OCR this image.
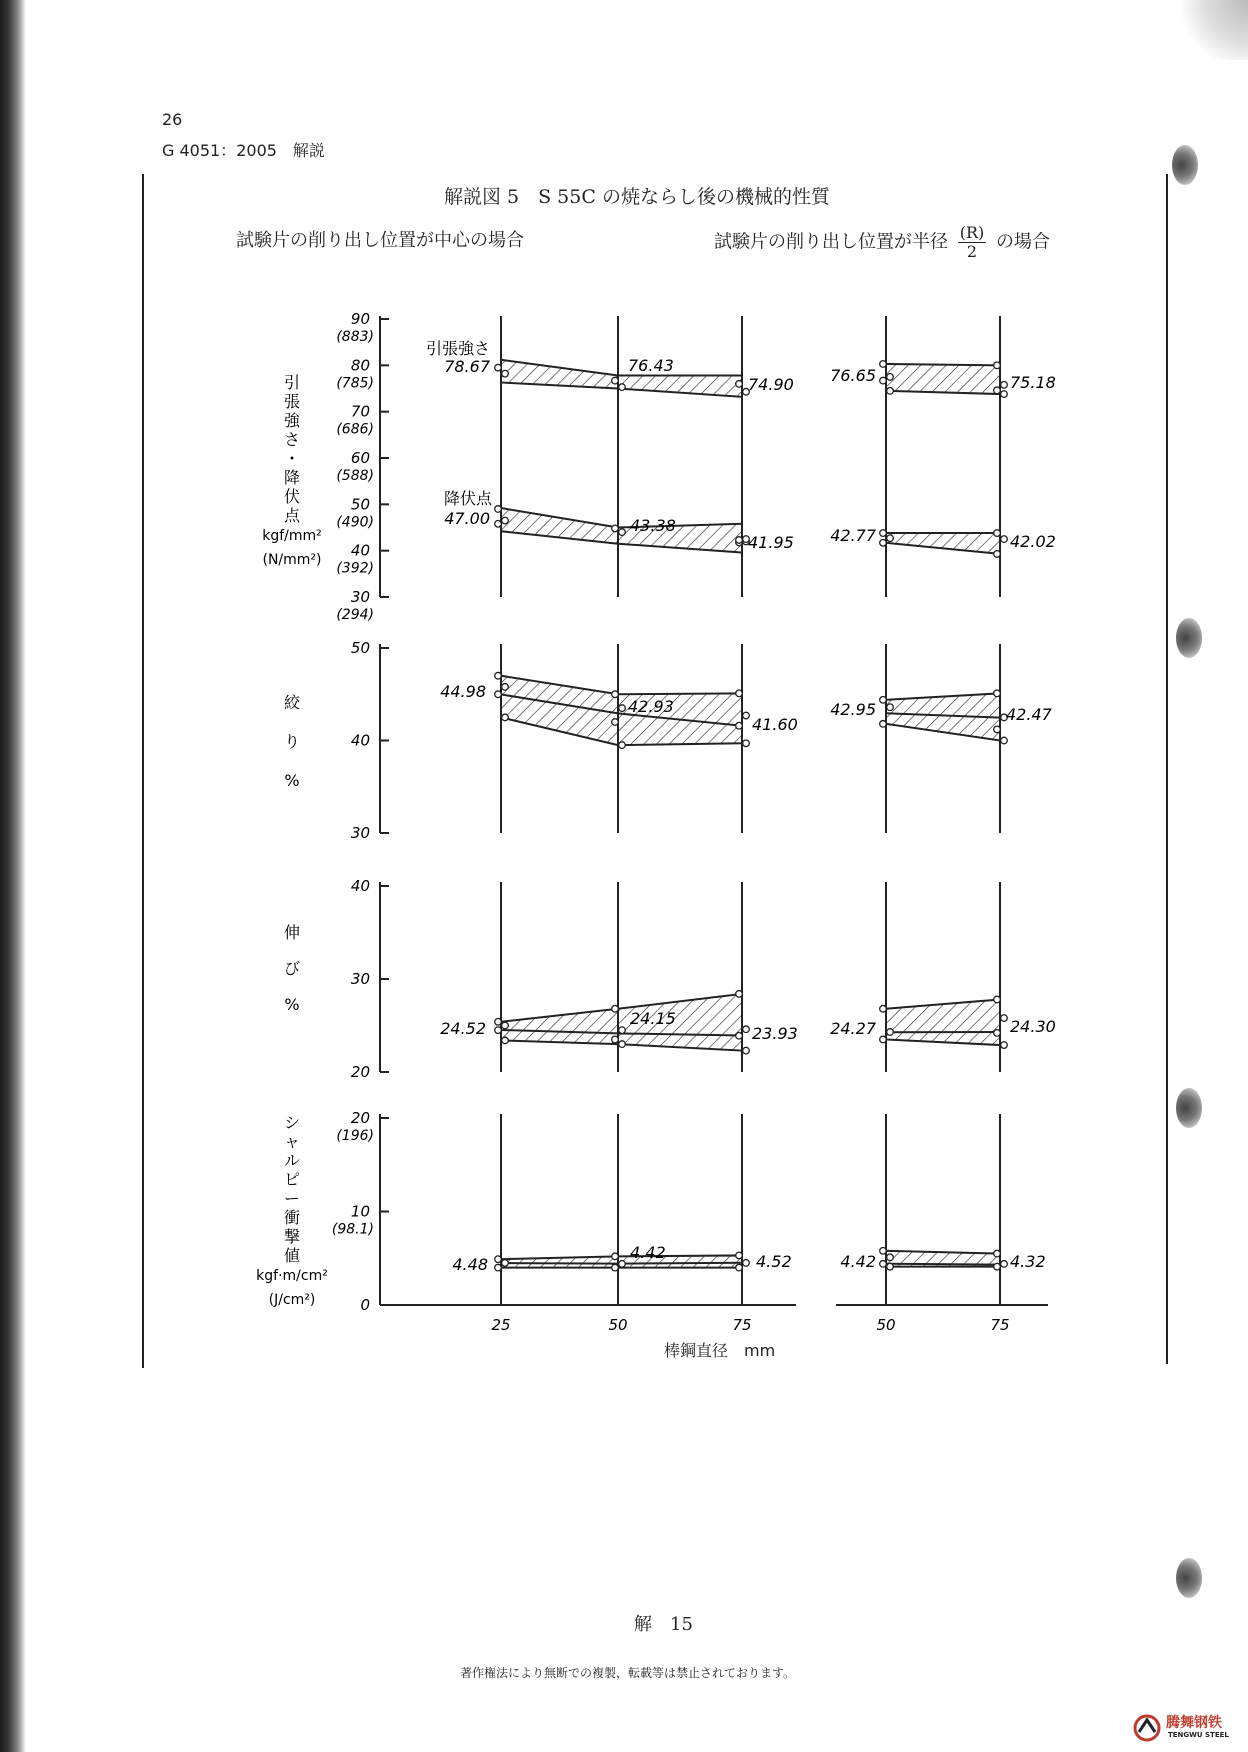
26
G 4051：2005　解説
解説図 5　S 55C の焼ならし後の機械的性質
試験片の削り出し位置が中心の場合	試験片の削り出し位置が半径 $\frac{(R)}{2}$ の場合
90
(883)
80
(785)
70
(686)
60
(588)
50
(490)
40
(392)
30
(294)
50
40
30
40
30
20
20
(196)
10
(98.1)
0
25	50	75	50	75
78.67	76.43
74.90
47.00	43.38
41.95
44.98
42.93
41.60
24.52
24.15
23.93
4.48
4.42	4.52
76.65	75.18
42.77	42.02
42.95	42.47
24.27	24.30
4.42	4.32
引張強さ
降伏点
引
張
強
さ
・
降
伏
点
kgf/mm²
(N/mm²)
絞
り
%
伸
び
%
シ
ャ
ル
ピ
ー
衝
撃
値
kgf·m/cm²
(J/cm²)
棒鋼直径　mm
解　15
著作権法により無断での複製，転載等は禁止されております。
腾舞钢铁
TENGWU STEEL
